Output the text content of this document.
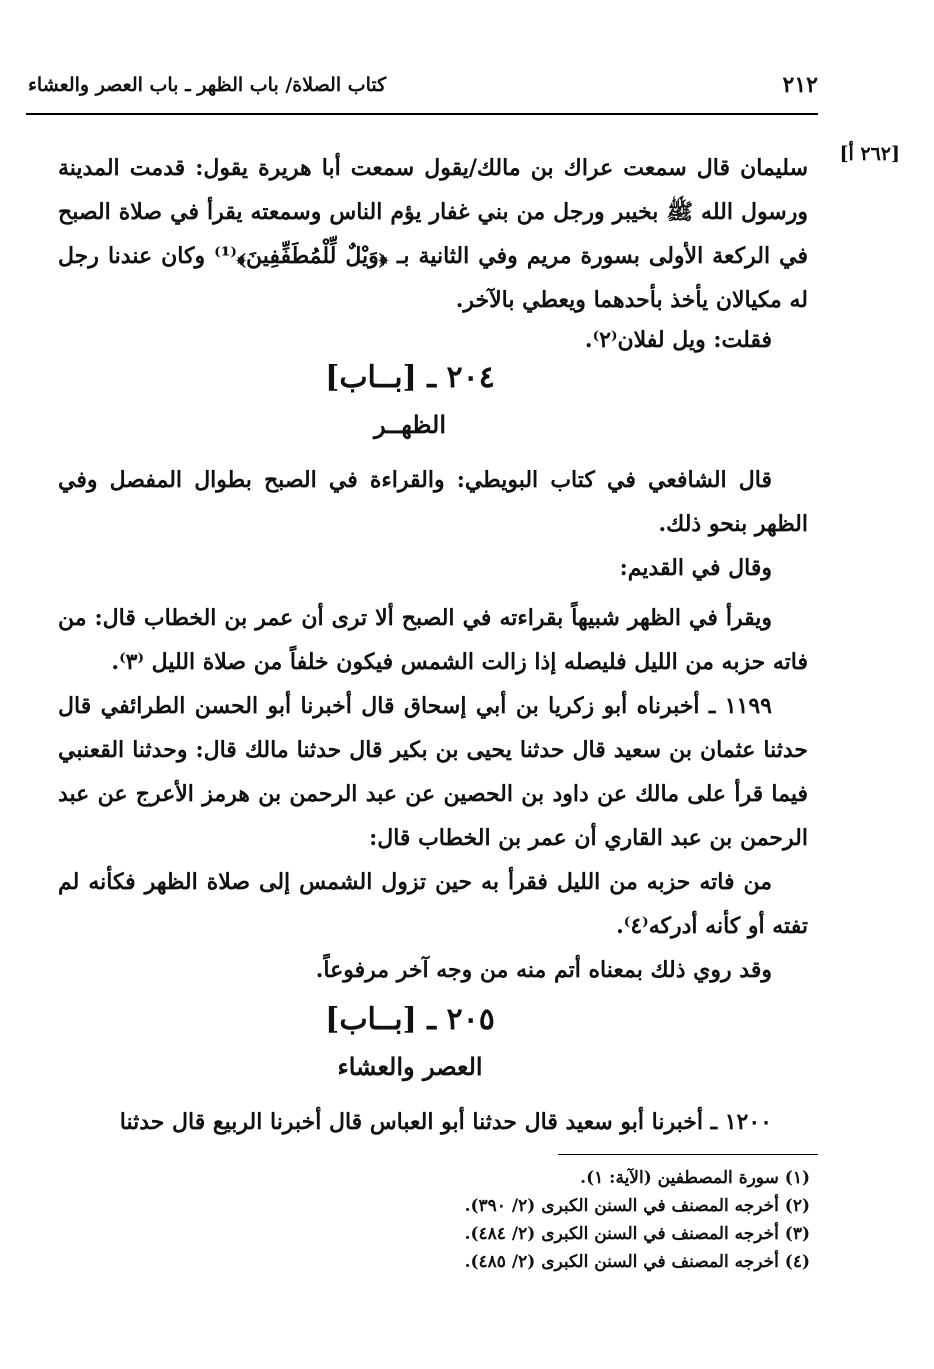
٢١٢
كتاب الصلاة/ باب الظهر ـ باب العصر والعشاء
[٢٦٢ أ]

سليمان قال سمعت عراك بن مالك/يقول سمعت أبا هريرة يقول: قدمت المدينة ورسول الله ﷺ بخيبر ورجل من بني غفار يؤم الناس وسمعته يقرأ في صلاة الصبح في الركعة الأولى بسورة مريم وفي الثانية بـ ﴿وَيْلٌ لِّلْمُطَفِّفِينَ﴾⁽¹⁾ وكان عندنا رجل له مكيالان يأخذ بأحدهما ويعطي بالآخر.

فقلت: ويل لفلان⁽٢⁾.

٢٠٤ ـ [بــاب]
الظهــر

قال الشافعي في كتاب البويطي: والقراءة في الصبح بطوال المفصل وفي الظهر بنحو ذلك.

وقال في القديم:

ويقرأ في الظهر شبيهاً بقراءته في الصبح ألا ترى أن عمر بن الخطاب قال: من فاته حزبه من الليل فليصله إذا زالت الشمس فيكون خلفاً من صلاة الليل ⁽٣⁾.

١١٩٩ ـ أخبرناه أبو زكريا بن أبي إسحاق قال أخبرنا أبو الحسن الطرائفي قال حدثنا عثمان بن سعيد قال حدثنا يحيى بن بكير قال حدثنا مالك قال: وحدثنا القعنبي فيما قرأ على مالك عن داود بن الحصين عن عبد الرحمن بن هرمز الأعرج عن عبد الرحمن بن عبد القاري أن عمر بن الخطاب قال:

من فاته حزبه من الليل فقرأ به حين تزول الشمس إلى صلاة الظهر فكأنه لم تفته أو كأنه أدركه⁽٤⁾.

وقد روي ذلك بمعناه أتم منه من وجه آخر مرفوعاً.

٢٠٥ ـ [بــاب]
العصر والعشاء

١٢٠٠ ـ أخبرنا أبو سعيد قال حدثنا أبو العباس قال أخبرنا الربيع قال حدثنا

(١) سورة المصطفين (الآية: ١).
(٢) أخرجه المصنف في السنن الكبرى (٢/ ٣٩٠).
(٣) أخرجه المصنف في السنن الكبرى (٢/ ٤٨٤).
(٤) أخرجه المصنف في السنن الكبرى (٢/ ٤٨٥).
